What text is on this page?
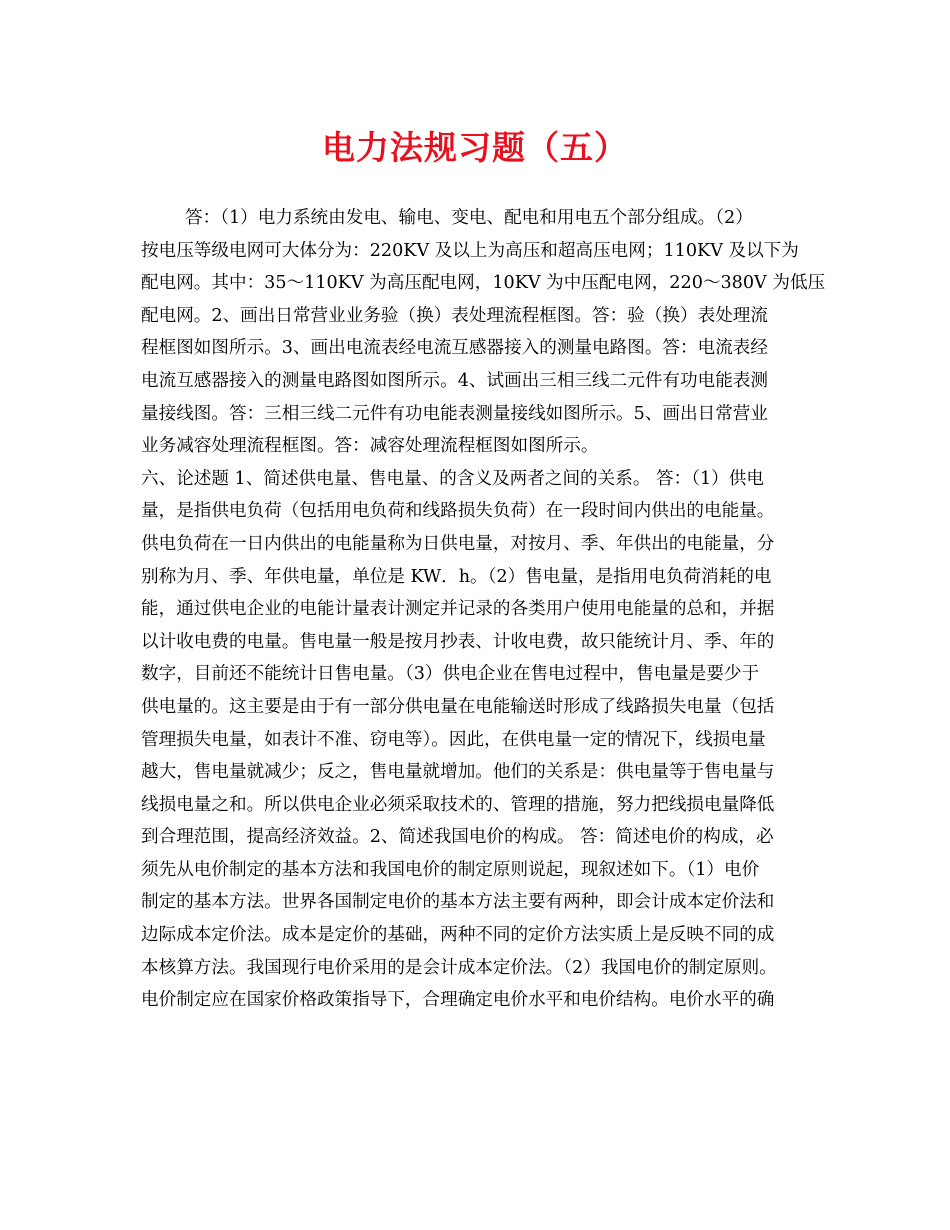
电力法规习题（五）
答：（1）电力系统由发电、输电、变电、配电和用电五个部分组成。（2）
按电压等级电网可大体分为：220KV 及以上为高压和超高压电网；110KV 及以下为
配电网。其中：35～110KV 为高压配电网，10KV 为中压配电网，220～380V 为低压
配电网。2、画出日常营业业务验（换）表处理流程框图。答：验（换）表处理流
程框图如图所示。3、画出电流表经电流互感器接入的测量电路图。答：电流表经
电流互感器接入的测量电路图如图所示。4、试画出三相三线二元件有功电能表测
量接线图。答：三相三线二元件有功电能表测量接线如图所示。5、画出日常营业
业务减容处理流程框图。答：减容处理流程框图如图所示。
六、论述题 1、简述供电量、售电量、的含义及两者之间的关系。 答：（1）供电
量，是指供电负荷（包括用电负荷和线路损失负荷）在一段时间内供出的电能量。
供电负荷在一日内供出的电能量称为日供电量，对按月、季、年供出的电能量，分
别称为月、季、年供电量，单位是 KW．h。（2）售电量，是指用电负荷消耗的电
能，通过供电企业的电能计量表计测定并记录的各类用户使用电能量的总和，并据
以计收电费的电量。售电量一般是按月抄表、计收电费，故只能统计月、季、年的
数字，目前还不能统计日售电量。（3）供电企业在售电过程中，售电量是要少于
供电量的。这主要是由于有一部分供电量在电能输送时形成了线路损失电量（包括
管理损失电量，如表计不准、窃电等）。因此，在供电量一定的情况下，线损电量
越大，售电量就减少；反之，售电量就增加。他们的关系是：供电量等于售电量与
线损电量之和。所以供电企业必须采取技术的、管理的措施，努力把线损电量降低
到合理范围，提高经济效益。2、简述我国电价的构成。 答：简述电价的构成，必
须先从电价制定的基本方法和我国电价的制定原则说起，现叙述如下。（1）电价
制定的基本方法。世界各国制定电价的基本方法主要有两种，即会计成本定价法和
边际成本定价法。成本是定价的基础，两种不同的定价方法实质上是反映不同的成
本核算方法。我国现行电价采用的是会计成本定价法。（2）我国电价的制定原则。
电价制定应在国家价格政策指导下，合理确定电价水平和电价结构。电价水平的确
